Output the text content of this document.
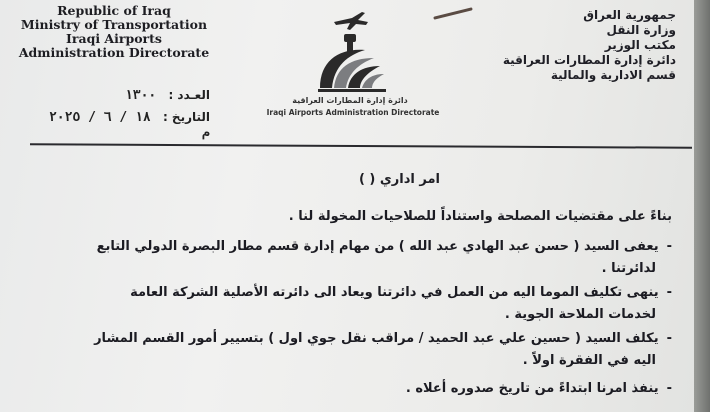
Republic of Iraq
Ministry of Transportation
Iraqi Airports
Administration Directorate
العـدد : ١٣٠٠
التاريخ : ١٨ / ٦ / ٢٠٢٥ م
دائرة إدارة المطارات العراقية
Iraqi Airports Administration Directorate
جمهورية العراق
وزارة النقل
مكتب الوزير
دائرة إدارة المطارات العراقية
قسم الادارية والمالية
امر اداري ( )
بناءً على مقتضيات المصلحة واستناداً للصلاحيات المخولة لنا .
-يعفى السيد ( حسن عبد الهادي عبد الله ) من مهام إدارة قسم مطار البصرة الدولي التابع
لدائرتنا .
-ينهى تكليف الموما اليه من العمل في دائرتنا ويعاد الى دائرته الأصلية الشركة العامة
لخدمات الملاحة الجوية .
-يكلف السيد ( حسين علي عبد الحميد / مراقب نقل جوي اول ) بتسيير أمور القسم المشار
اليه في الفقرة اولاً .
-ينفذ امرنا ابتداءً من تاريخ صدوره أعلاه .
